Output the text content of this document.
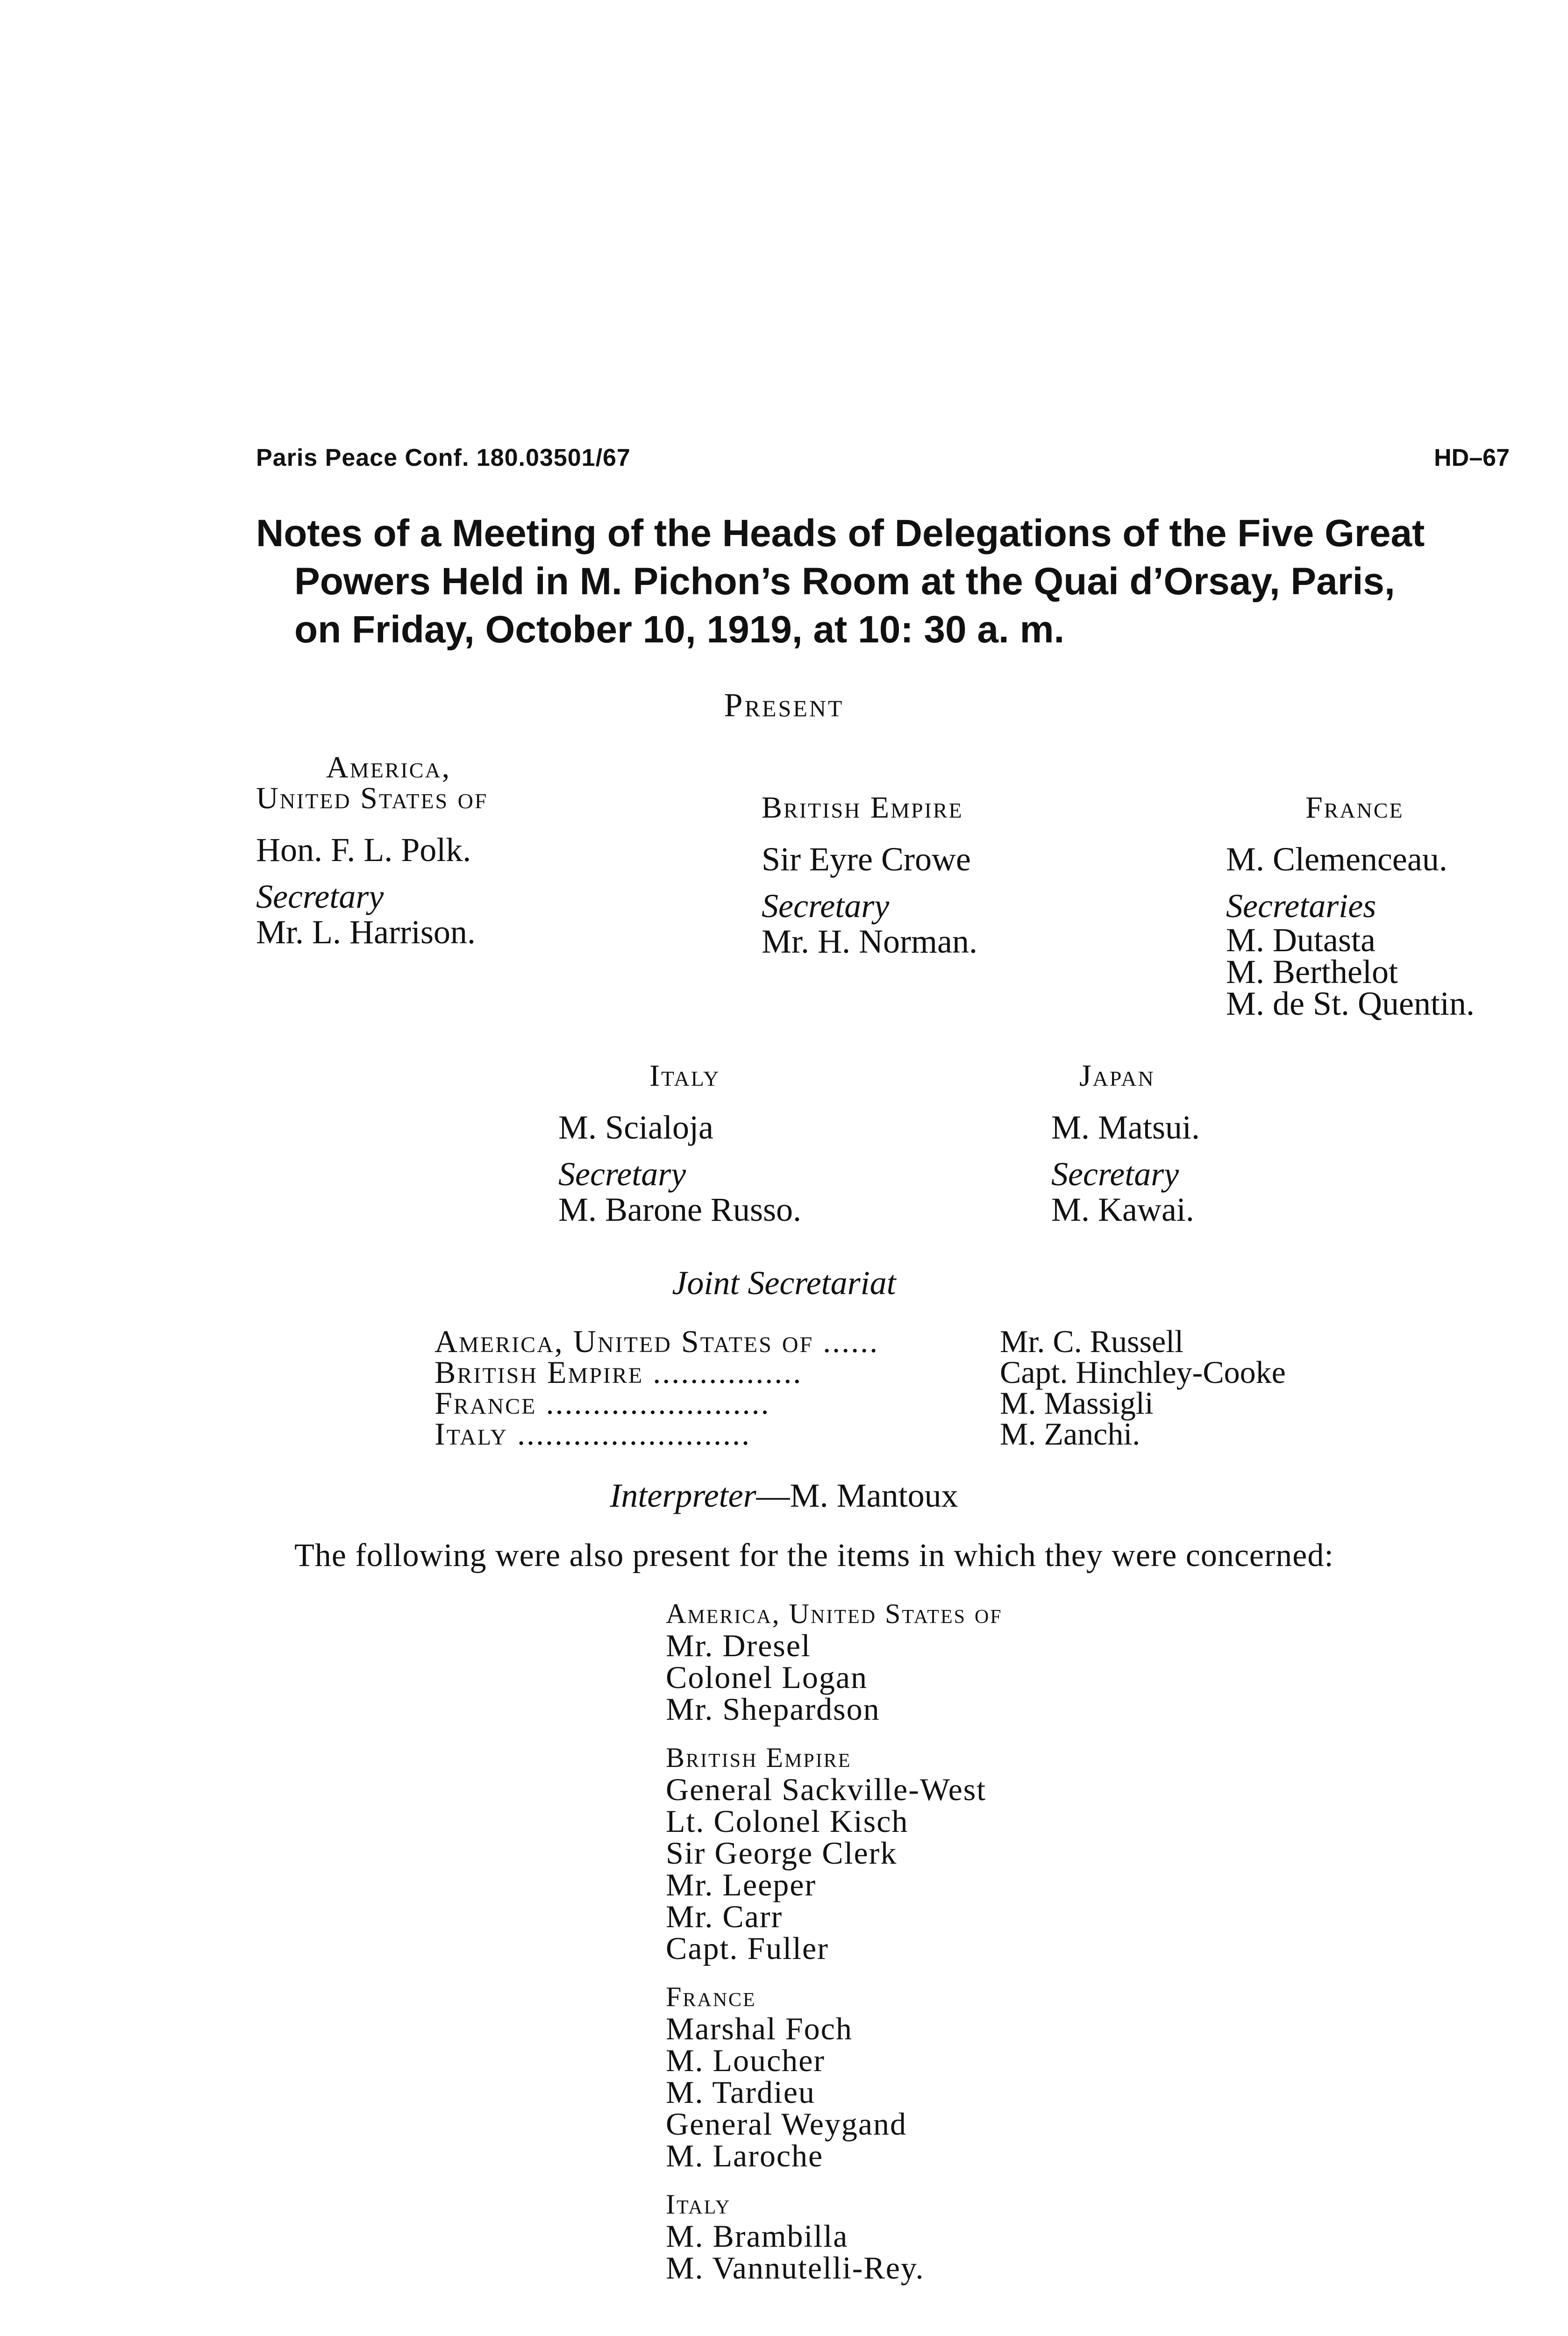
Paris Peace Conf. 180.03501/67	HD–67
Notes of a Meeting of the Heads of Delegations of the Five Great
Powers Held in M. Pichon’s Room at the Quai d’Orsay, Paris,
on Friday, October 10, 1919, at 10: 30 a. m.
Present
America,
United States of
Hon. F. L. Polk.
Secretary
Mr. L. Harrison.
British Empire
Sir Eyre Crowe
Secretary
Mr. H. Norman.
France
M. Clemenceau.
Secretaries
M. Dutasta
M. Berthelot
M. de St. Quentin.
Italy
M. Scialoja
Secretary
M. Barone Russo.
Japan
M. Matsui.
Secretary
M. Kawai.
Joint Secretariat
America, United States of ......	Mr. C. Russell
British Empire ................	Capt. Hinchley-Cooke
France ........................	M. Massigli
Italy .........................	M. Zanchi.
Interpreter—M. Mantoux
The following were also present for the items in which they were concerned:
America, United States of
Mr. Dresel
Colonel Logan
Mr. Shepardson
British Empire
General Sackville-West
Lt. Colonel Kisch
Sir George Clerk
Mr. Leeper
Mr. Carr
Capt. Fuller
France
Marshal Foch
M. Loucher
M. Tardieu
General Weygand
M. Laroche
Italy
M. Brambilla
M. Vannutelli-Rey.
